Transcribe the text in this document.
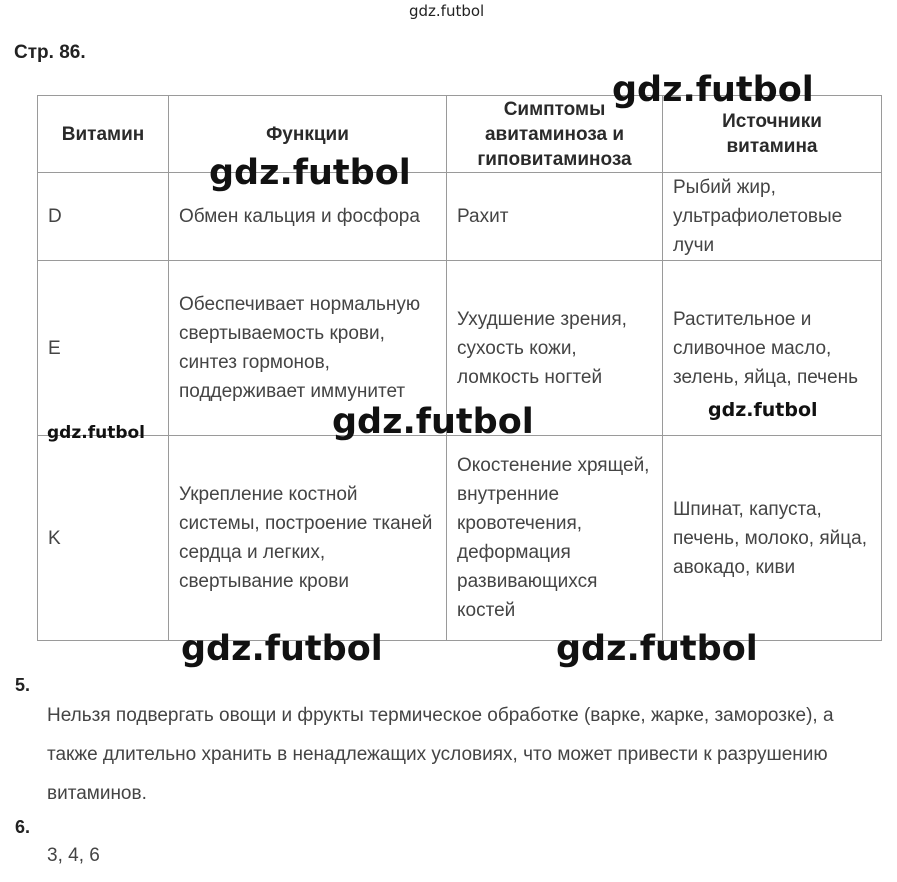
gdz.futbol
Стр. 86.
Витамин	Функции	Симптомы авитаминоза и гиповитаминоза	Источники витамина
D	Обмен кальция и фосфора	Рахит	Рыбий жир, ультрафиолетовые лучи
E	Обеспечивает нормальную свертываемость крови, синтез гормонов, поддерживает иммунитет	Ухудшение зрения, сухость кожи, ломкость ногтей	Растительное и сливочное масло, зелень, яйца, печень
K	Укрепление костной системы, построение тканей сердца и легких, свертывание крови	Окостенение хрящей, внутренние кровотечения, деформация развивающихся костей	Шпинат, капуста, печень, молоко, яйца, авокадо, киви
gdz.futbol
gdz.futbol
gdz.futbol	gdz.futbol
gdz.futbol
gdz.futbol	gdz.futbol
5.
Нельзя подвергать овощи и фрукты термическое обработке (варке, жарке, заморозке), а также длительно хранить в ненадлежащих условиях, что может привести к разрушению витаминов.
6.
3, 4, 6
